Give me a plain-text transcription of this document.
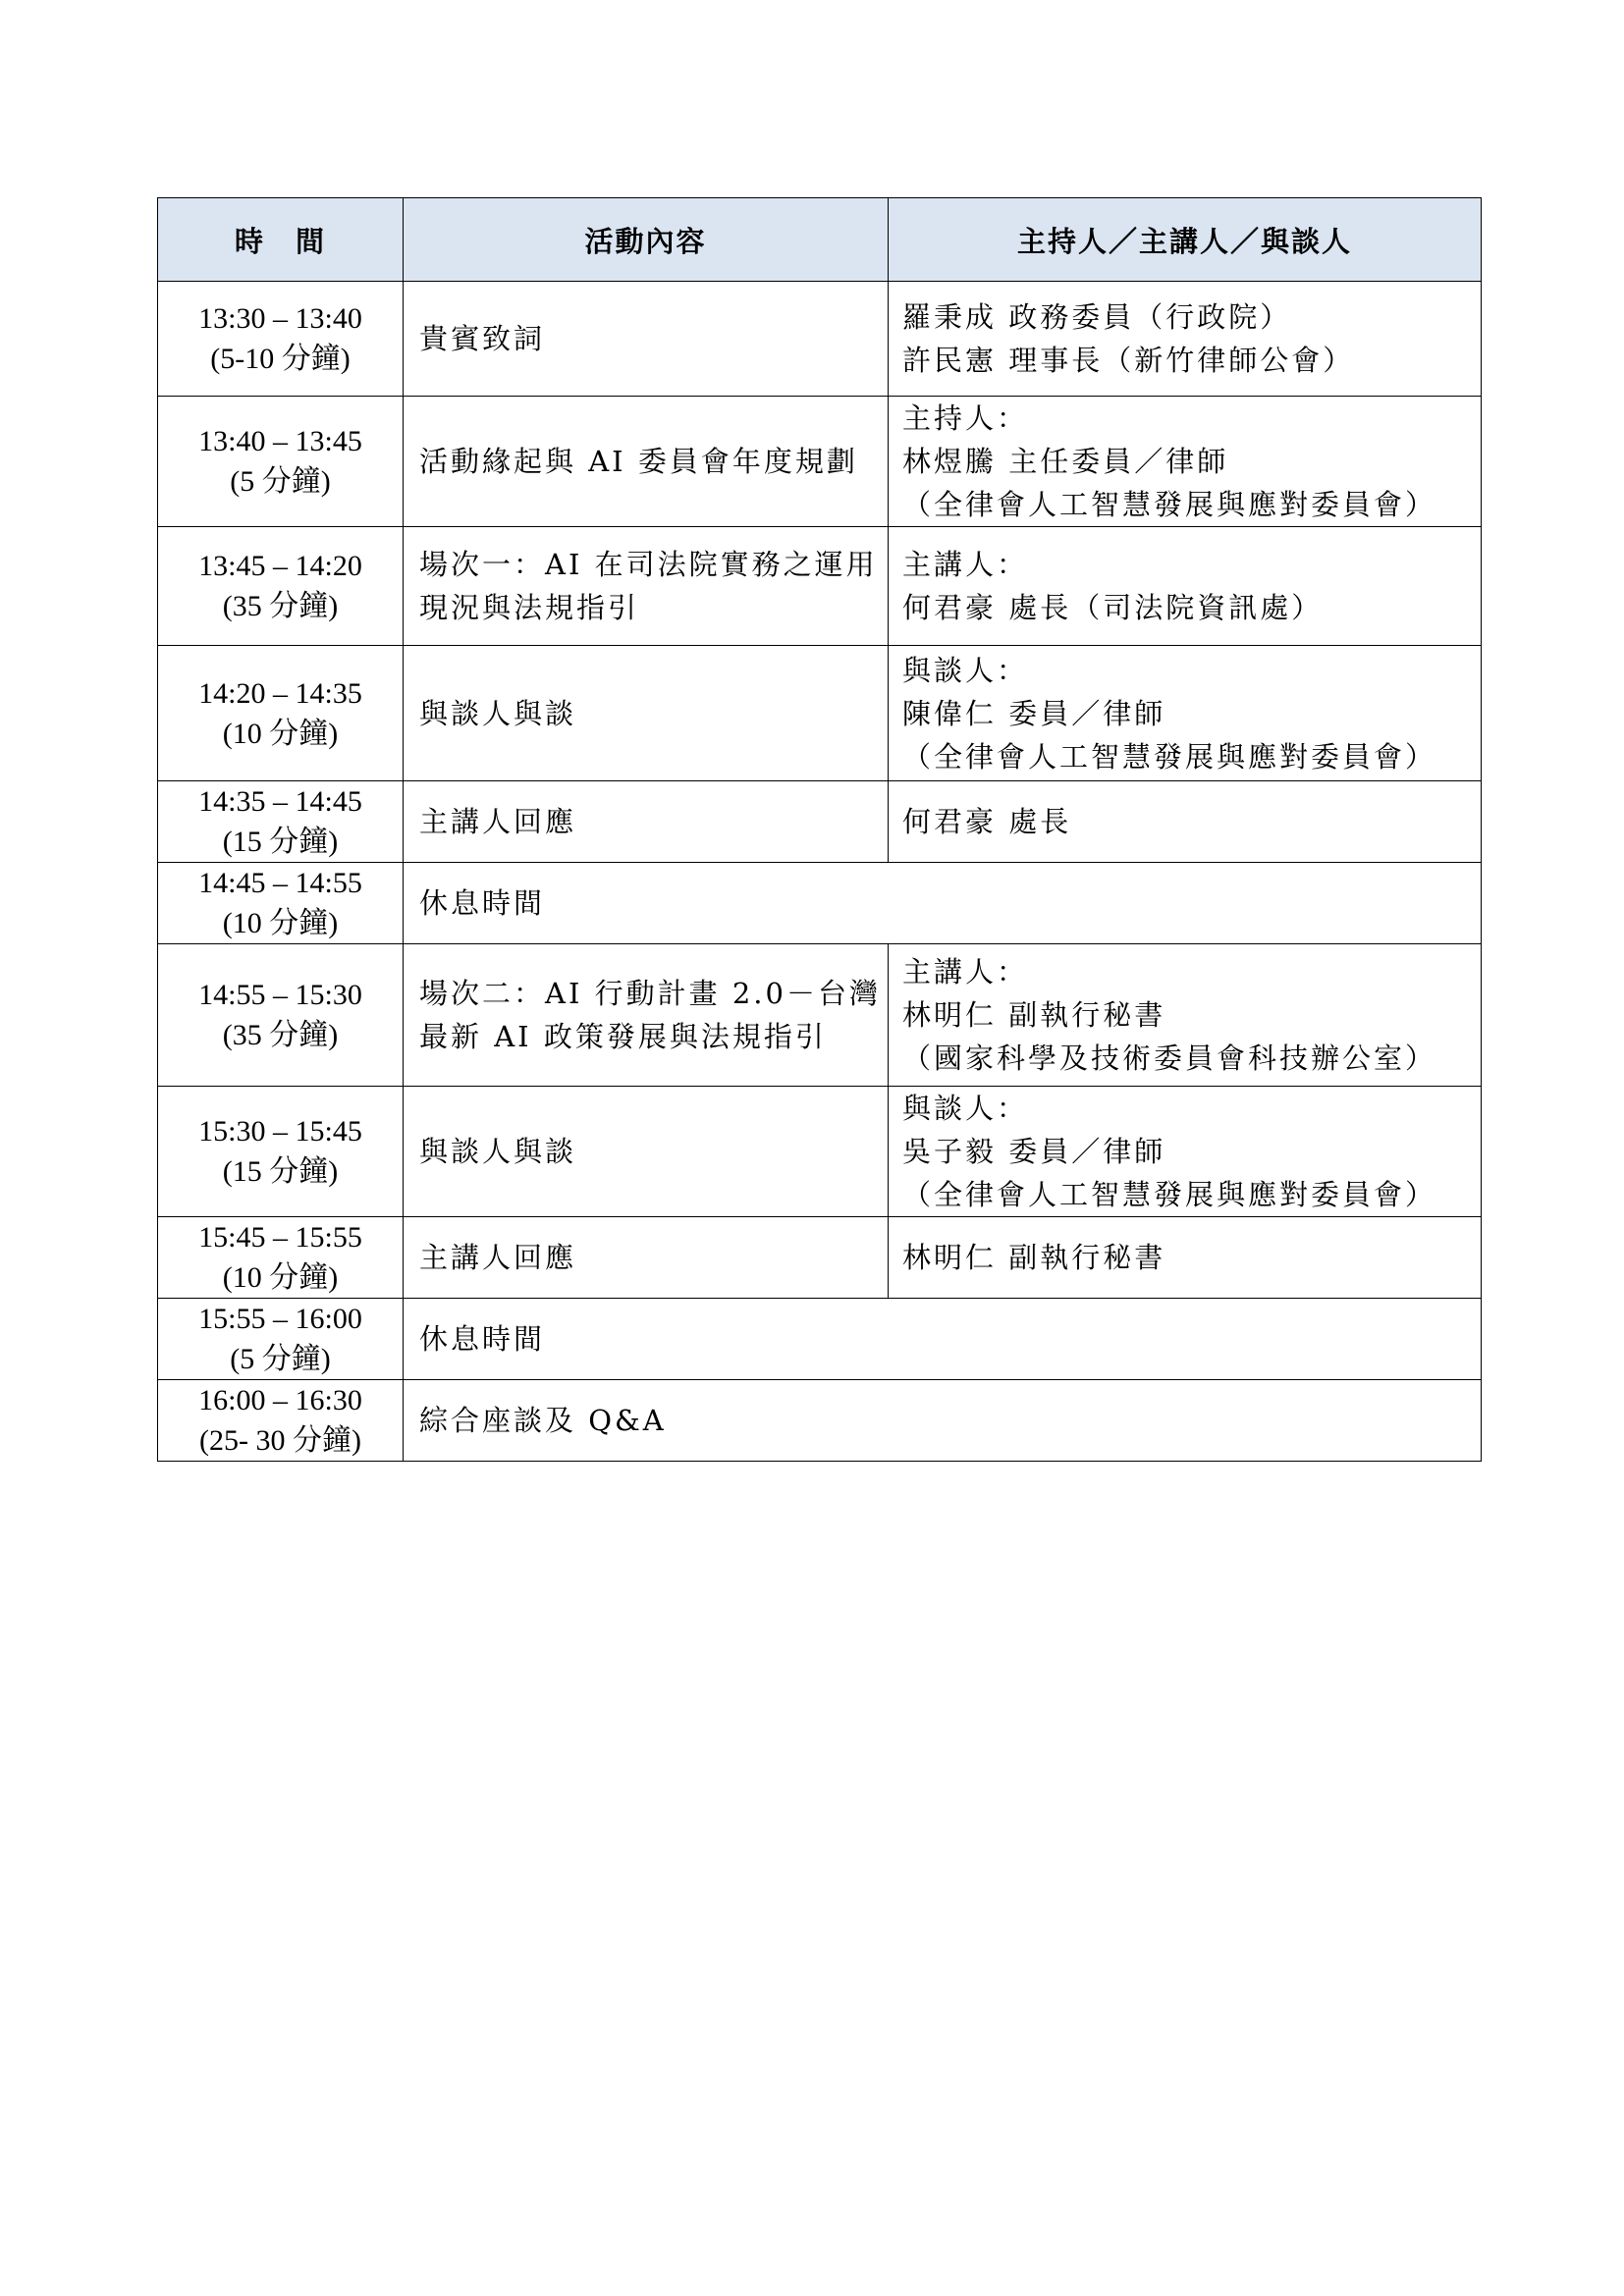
時　間	活動內容	主持人／主講人／與談人

13:30 – 13:40
(5-10 分鐘)	貴賓致詞	羅秉成 政務委員（行政院）
許民憲 理事長（新竹律師公會）

13:40 – 13:45
(5 分鐘)	活動緣起與 AI 委員會年度規劃	主持人：
林煜騰 主任委員／律師
（全律會人工智慧發展與應對委員會）

13:45 – 14:20
(35 分鐘)	場次一：AI 在司法院實務之運用
現況與法規指引	主講人：
何君豪 處長（司法院資訊處）

14:20 – 14:35
(10 分鐘)	與談人與談	與談人：
陳偉仁 委員／律師
（全律會人工智慧發展與應對委員會）

14:35 – 14:45
(15 分鐘)	主講人回應	何君豪 處長

14:45 – 14:55
(10 分鐘)	休息時間	

14:55 – 15:30
(35 分鐘)	場次二：AI 行動計畫 2.0－台灣
最新 AI 政策發展與法規指引	主講人：
林明仁 副執行秘書
（國家科學及技術委員會科技辦公室）

15:30 – 15:45
(15 分鐘)	與談人與談	與談人：
吳子毅 委員／律師
（全律會人工智慧發展與應對委員會）

15:45 – 15:55
(10 分鐘)	主講人回應	林明仁 副執行秘書

15:55 – 16:00
(5 分鐘)	休息時間	

16:00 – 16:30
(25- 30 分鐘)	綜合座談及 Q&A	
